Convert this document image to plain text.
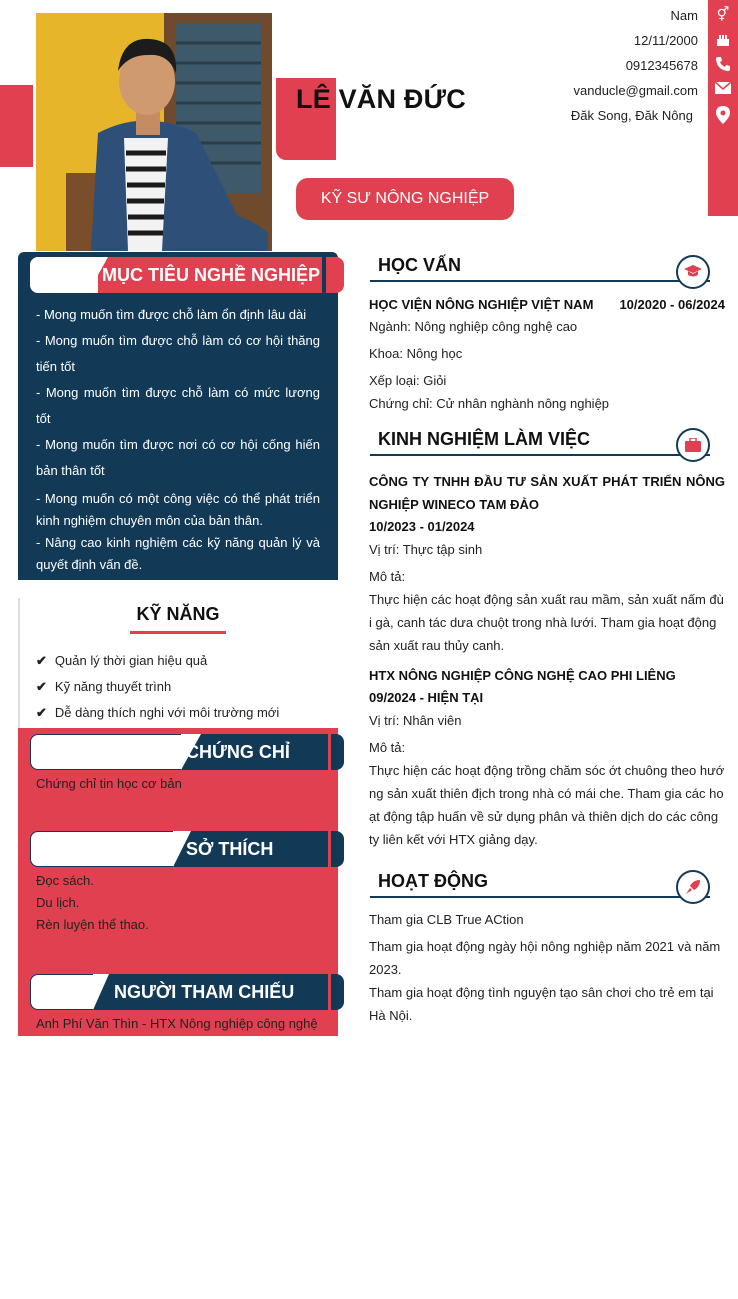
LÊ VĂN ĐỨC
KỸ SƯ NÔNG NGHIỆP
Nam
12/11/2000
0912345678
vanducle@gmail.com
Đăk Song, Đăk Nông
⚥
MỤC TIÊU NGHỀ NGHIỆP
- Mong muốn tìm được chỗ làm ổn định lâu dài
- Mong muốn tìm được chỗ làm có cơ hội thăng tiến tốt
- Mong muốn tìm được chỗ làm có mức lương tốt
- Mong muốn tìm được nơi có cơ hội cống hiến bản thân tốt
- Mong muốn có một công việc có thể phát triển kinh nghiệm chuyên môn của bản thân.
- Nâng cao kinh nghiệm các kỹ năng quản lý và quyết định vấn đề.
KỸ NĂNG
✔ Quản lý thời gian hiệu quả
✔ Kỹ năng thuyết trình
✔ Dễ dàng thích nghi với môi trường mới
CHỨNG CHỈ
Chứng chỉ tin học cơ bản
SỞ THÍCH
Đọc sách.
Du lịch.
Rèn luyện thể thao.
NGƯỜI THAM CHIẾU
Anh Phí Văn Thìn - HTX Nông nghiệp công nghệ
HỌC VẤN
HỌC VIỆN NÔNG NGHIỆP VIỆT NAM	10/2020 - 06/2024
Ngành: Nông nghiệp công nghệ cao
Khoa: Nông học
Xếp loại: Giỏi
Chứng chỉ: Cử nhân nghành nông nghiệp
KINH NGHIỆM LÀM VIỆC
CÔNG TY TNHH ĐẦU TƯ SẢN XUẤT PHÁT TRIỂN NÔNG NGHIỆP WINECO TAM ĐẢO
10/2023 - 01/2024
Vị trí: Thực tập sinh
Mô tả:
Thực hiện các hoạt động sản xuất rau mầm, sản xuất nấm đùi gà, canh tác dưa chuột trong nhà lưới. Tham gia hoạt động sản xuất rau thủy canh.
HTX NÔNG NGHIỆP CÔNG NGHỆ CAO PHI LIÊNG
09/2024 - HIỆN TẠI
Vị trí: Nhân viên
Mô tả:
Thực hiện các hoạt động trồng chăm sóc ớt chuông theo hướng sản xuất thiên địch trong nhà có mái che. Tham gia các hoạt động tập huấn về sử dụng phân và thiên dịch do các công ty liên kết với HTX giảng dạy.
HOẠT ĐỘNG
Tham gia CLB True ACtion
Tham gia hoạt động ngày hội nông nghiệp năm 2021 và năm 2023.
Tham gia hoạt động tình nguyện tạo sân chơi cho trẻ em tại Hà Nội.
